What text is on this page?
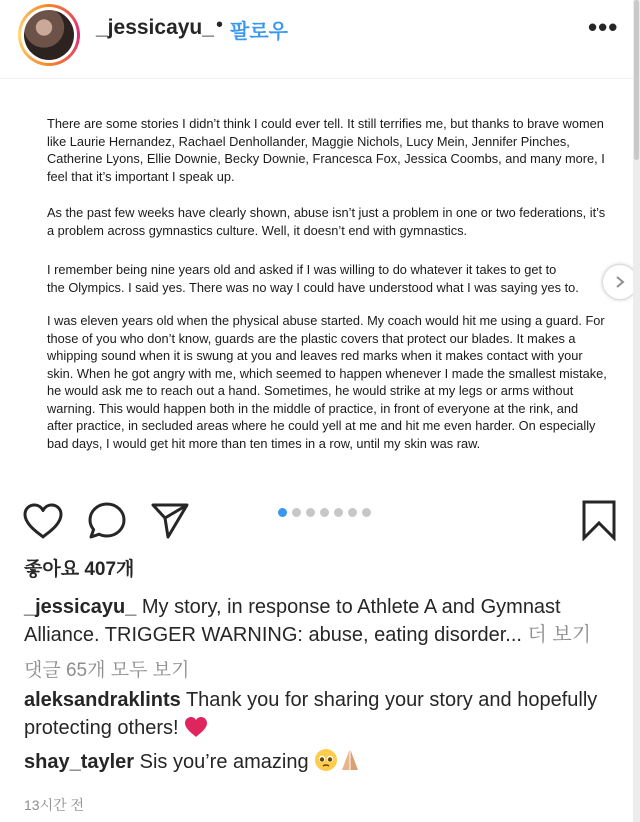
_jessicayu_ • 팔로우	•••

There are some stories I didn’t think I could ever tell. It still terrifies me, but thanks to brave women like Laurie Hernandez, Rachael Denhollander, Maggie Nichols, Lucy Mein, Jennifer Pinches, Catherine Lyons, Ellie Downie, Becky Downie, Francesca Fox, Jessica Coombs, and many more, I feel that it’s important I speak up.

As the past few weeks have clearly shown, abuse isn’t just a problem in one or two federations, it’s a problem across gymnastics culture. Well, it doesn’t end with gymnastics.

I remember being nine years old and asked if I was willing to do whatever it takes to get to
the Olympics. I said yes. There was no way I could have understood what I was saying yes to.

I was eleven years old when the physical abuse started. My coach would hit me using a guard. For those of you who don’t know, guards are the plastic covers that protect our blades. It makes a whipping sound when it is swung at you and leaves red marks when it makes contact with your skin. When he got angry with me, which seemed to happen whenever I made the smallest mistake, he would ask me to reach out a hand. Sometimes, he would strike at my legs or arms without warning. This would happen both in the middle of practice, in front of everyone at the rink, and after practice, in secluded areas where he could yell at me and hit me even harder. On especially bad days, I would get hit more than ten times in a row, until my skin was raw.

좋아요 407개
_jessicayu_ My story, in response to Athlete A and Gymnast Alliance. TRIGGER WARNING: abuse, eating disorder... 더 보기
댓글 65개 모두 보기
aleksandraklints Thank you for sharing your story and hopefully protecting others!
shay_tayler Sis you’re amazing
13시간 전
